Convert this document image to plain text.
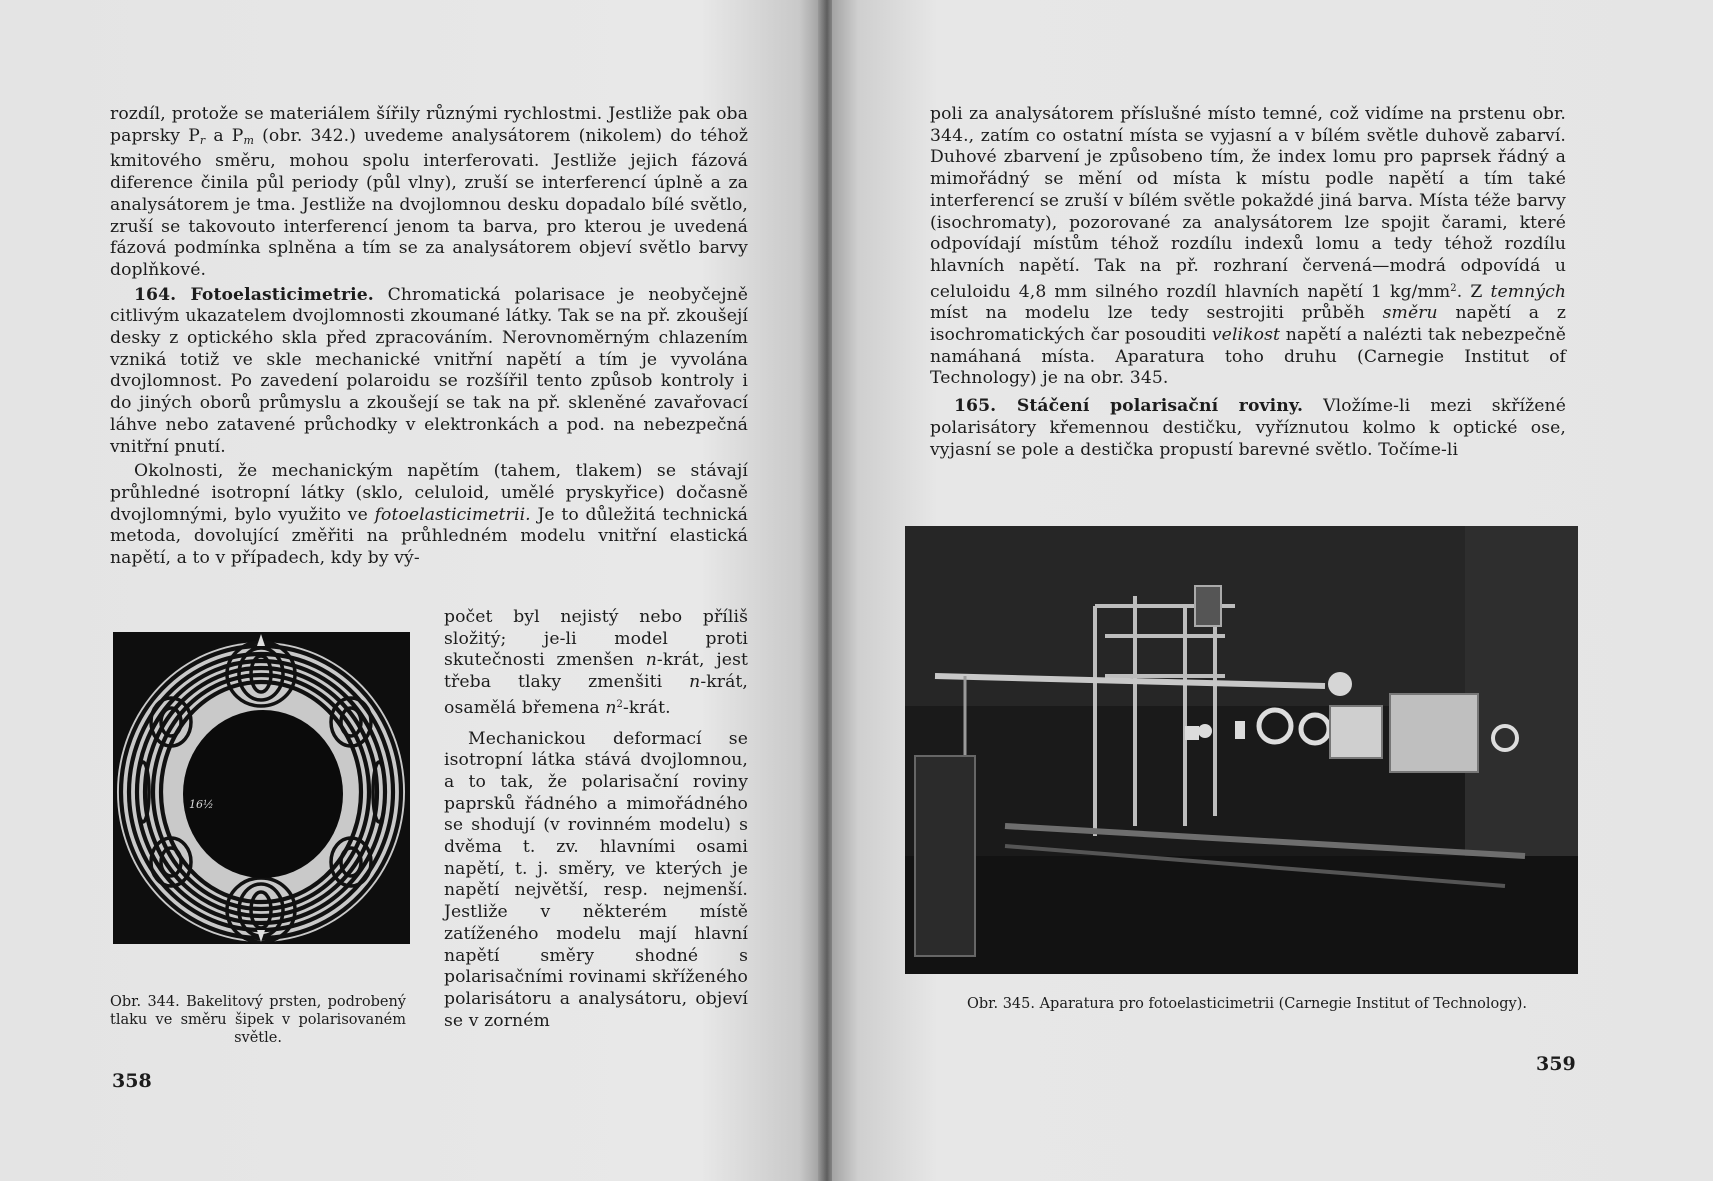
rozdíl, protože se materiálem šířily různými rychlostmi. Jestliže pak oba paprsky $P_r$ a $P_m$ (obr. 342.) uvedeme analysátorem (nikolem) do téhož kmitového směru, mohou spolu interferovati. Jestliže jejich fázová diference činila půl periody (půl vlny), zruší se interferencí úplně a za analysátorem je tma. Jestliže na dvojlomnou desku dopadalo bílé světlo, zruší se takovouto interferencí jenom ta barva, pro kterou je uvedená fázová podmínka splněna a tím se za analysátorem objeví světlo barvy doplňkové.

164. Fotoelasticimetrie. Chromatická polarisace je neobyčejně citlivým ukazatelem dvojlomnosti zkoumané látky. Tak se na př. zkoušejí desky z optického skla před zpracováním. Nerovnoměrným chlazením vzniká totiž ve skle mechanické vnitřní napětí a tím je vyvolána dvojlomnost. Po zavedení polaroidu se rozšířil tento způsob kontroly i do jiných oborů průmyslu a zkoušejí se tak na př. skleněné zavařovací láhve nebo zatavené průchodky v elektronkách a pod. na nebezpečná vnitřní pnutí.

Okolnosti, že mechanickým napětím (tahem, tlakem) se stávají průhledné isotropní látky (sklo, celuloid, umělé pryskyřice) dočasně dvojlomnými, bylo využito ve fotoelasticimetrii. Je to důležitá technická metoda, dovolující změřiti na průhledném modelu vnitřní elastická napětí, a to v případech, kdy by vý-

16½
Obr. 344. Bakelitový prsten, podrobený tlaku ve směru šipek v polarisovaném světle.

počet byl nejistý nebo příliš složitý; je-li model proti skutečnosti zmenšen n-krát, jest třeba tlaky zmenšiti n-krát, osamělá břemena $n^2$-krát.

Mechanickou deformací se isotropní látka stává dvojlomnou, a to tak, že polarisační roviny paprsků řádného a mimořádného se shodují (v rovinném modelu) s dvěma t. zv. hlavními osami napětí, t. j. směry, ve kterých je napětí největší, resp. nejmenší. Jestliže v některém místě zatíženého modelu mají hlavní napětí směry shodné s polarisačními rovinami skříženého polarisátoru a analysátoru, objeví se v zorném

358

poli za analysátorem příslušné místo temné, což vidíme na prstenu obr. 344., zatím co ostatní místa se vyjasní a v bílém světle duhově zabarví. Duhové zbarvení je způsobeno tím, že index lomu pro paprsek řádný a mimořádný se mění od místa k místu podle napětí a tím také interferencí se zruší v bílém světle pokaždé jiná barva. Místa téže barvy (isochromaty), pozorované za analysátorem lze spojit čarami, které odpovídají místům téhož rozdílu indexů lomu a tedy téhož rozdílu hlavních napětí. Tak na př. rozhraní červená—modrá odpovídá u celuloidu 4,8 mm silného rozdíl hlavních napětí 1 $kg/mm^2$. Z temných míst na modelu lze tedy sestrojiti průběh směru napětí a z isochromatických čar posouditi velikost napětí a nalézti tak nebezpečně namáhaná místa. Aparatura toho druhu (Carnegie Institut of Technology) je na obr. 345.

165. Stáčení polarisační roviny. Vložíme-li mezi skřížené polarisátory křemennou destičku, vyříznutou kolmo k optické ose, vyjasní se pole a destička propustí barevné světlo. Točíme-li

Obr. 345. Aparatura pro fotoelasticimetrii (Carnegie Institut of Technology).
359
